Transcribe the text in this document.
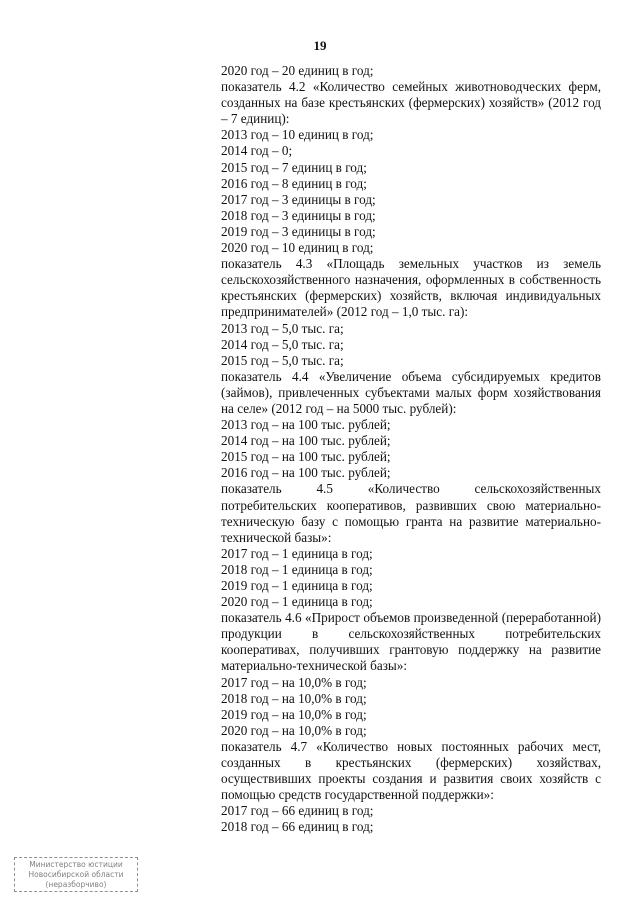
19
2020 год – 20 единиц в год;
показатель 4.2 «Количество семейных животноводческих ферм, созданных на базе крестьянских (фермерских) хозяйств» (2012 год – 7 единиц):
2013 год – 10 единиц в год;
2014 год – 0;
2015 год – 7 единиц в год;
2016 год – 8 единиц в год;
2017 год – 3 единицы в год;
2018 год – 3 единицы в год;
2019 год – 3 единицы в год;
2020 год – 10 единиц в год;
показатель 4.3 «Площадь земельных участков из земель сельскохозяйственного назначения, оформленных в собственность крестьянских (фермерских) хозяйств, включая индивидуальных предпринимателей» (2012 год – 1,0 тыс. га):
2013 год – 5,0 тыс. га;
2014 год – 5,0 тыс. га;
2015 год – 5,0 тыс. га;
показатель 4.4 «Увеличение объема субсидируемых кредитов (займов), привлеченных субъектами малых форм хозяйствования на селе» (2012 год – на 5000 тыс. рублей):
2013 год – на 100 тыс. рублей;
2014 год – на 100 тыс. рублей;
2015 год – на 100 тыс. рублей;
2016 год – на 100 тыс. рублей;
показатель 4.5 «Количество сельскохозяйственных потребительских кооперативов, развивших свою материально-техническую базу с помощью гранта на развитие материально-технической базы»:
2017 год – 1 единица в год;
2018 год – 1 единица в год;
2019 год – 1 единица в год;
2020 год – 1 единица в год;
показатель 4.6 «Прирост объемов произведенной (переработанной) продукции в сельскохозяйственных потребительских кооперативах, получивших грантовую поддержку на развитие материально-технической базы»:
2017 год – на 10,0% в год;
2018 год – на 10,0% в год;
2019 год – на 10,0% в год;
2020 год – на 10,0% в год;
показатель 4.7 «Количество новых постоянных рабочих мест, созданных в крестьянских (фермерских) хозяйствах, осуществивших проекты создания и развития своих хозяйств с помощью средств государственной поддержки»:
2017 год – 66 единиц в год;
2018 год – 66 единиц в год;
Министерство юстиции
Новосибирской области
(неразборчиво)
